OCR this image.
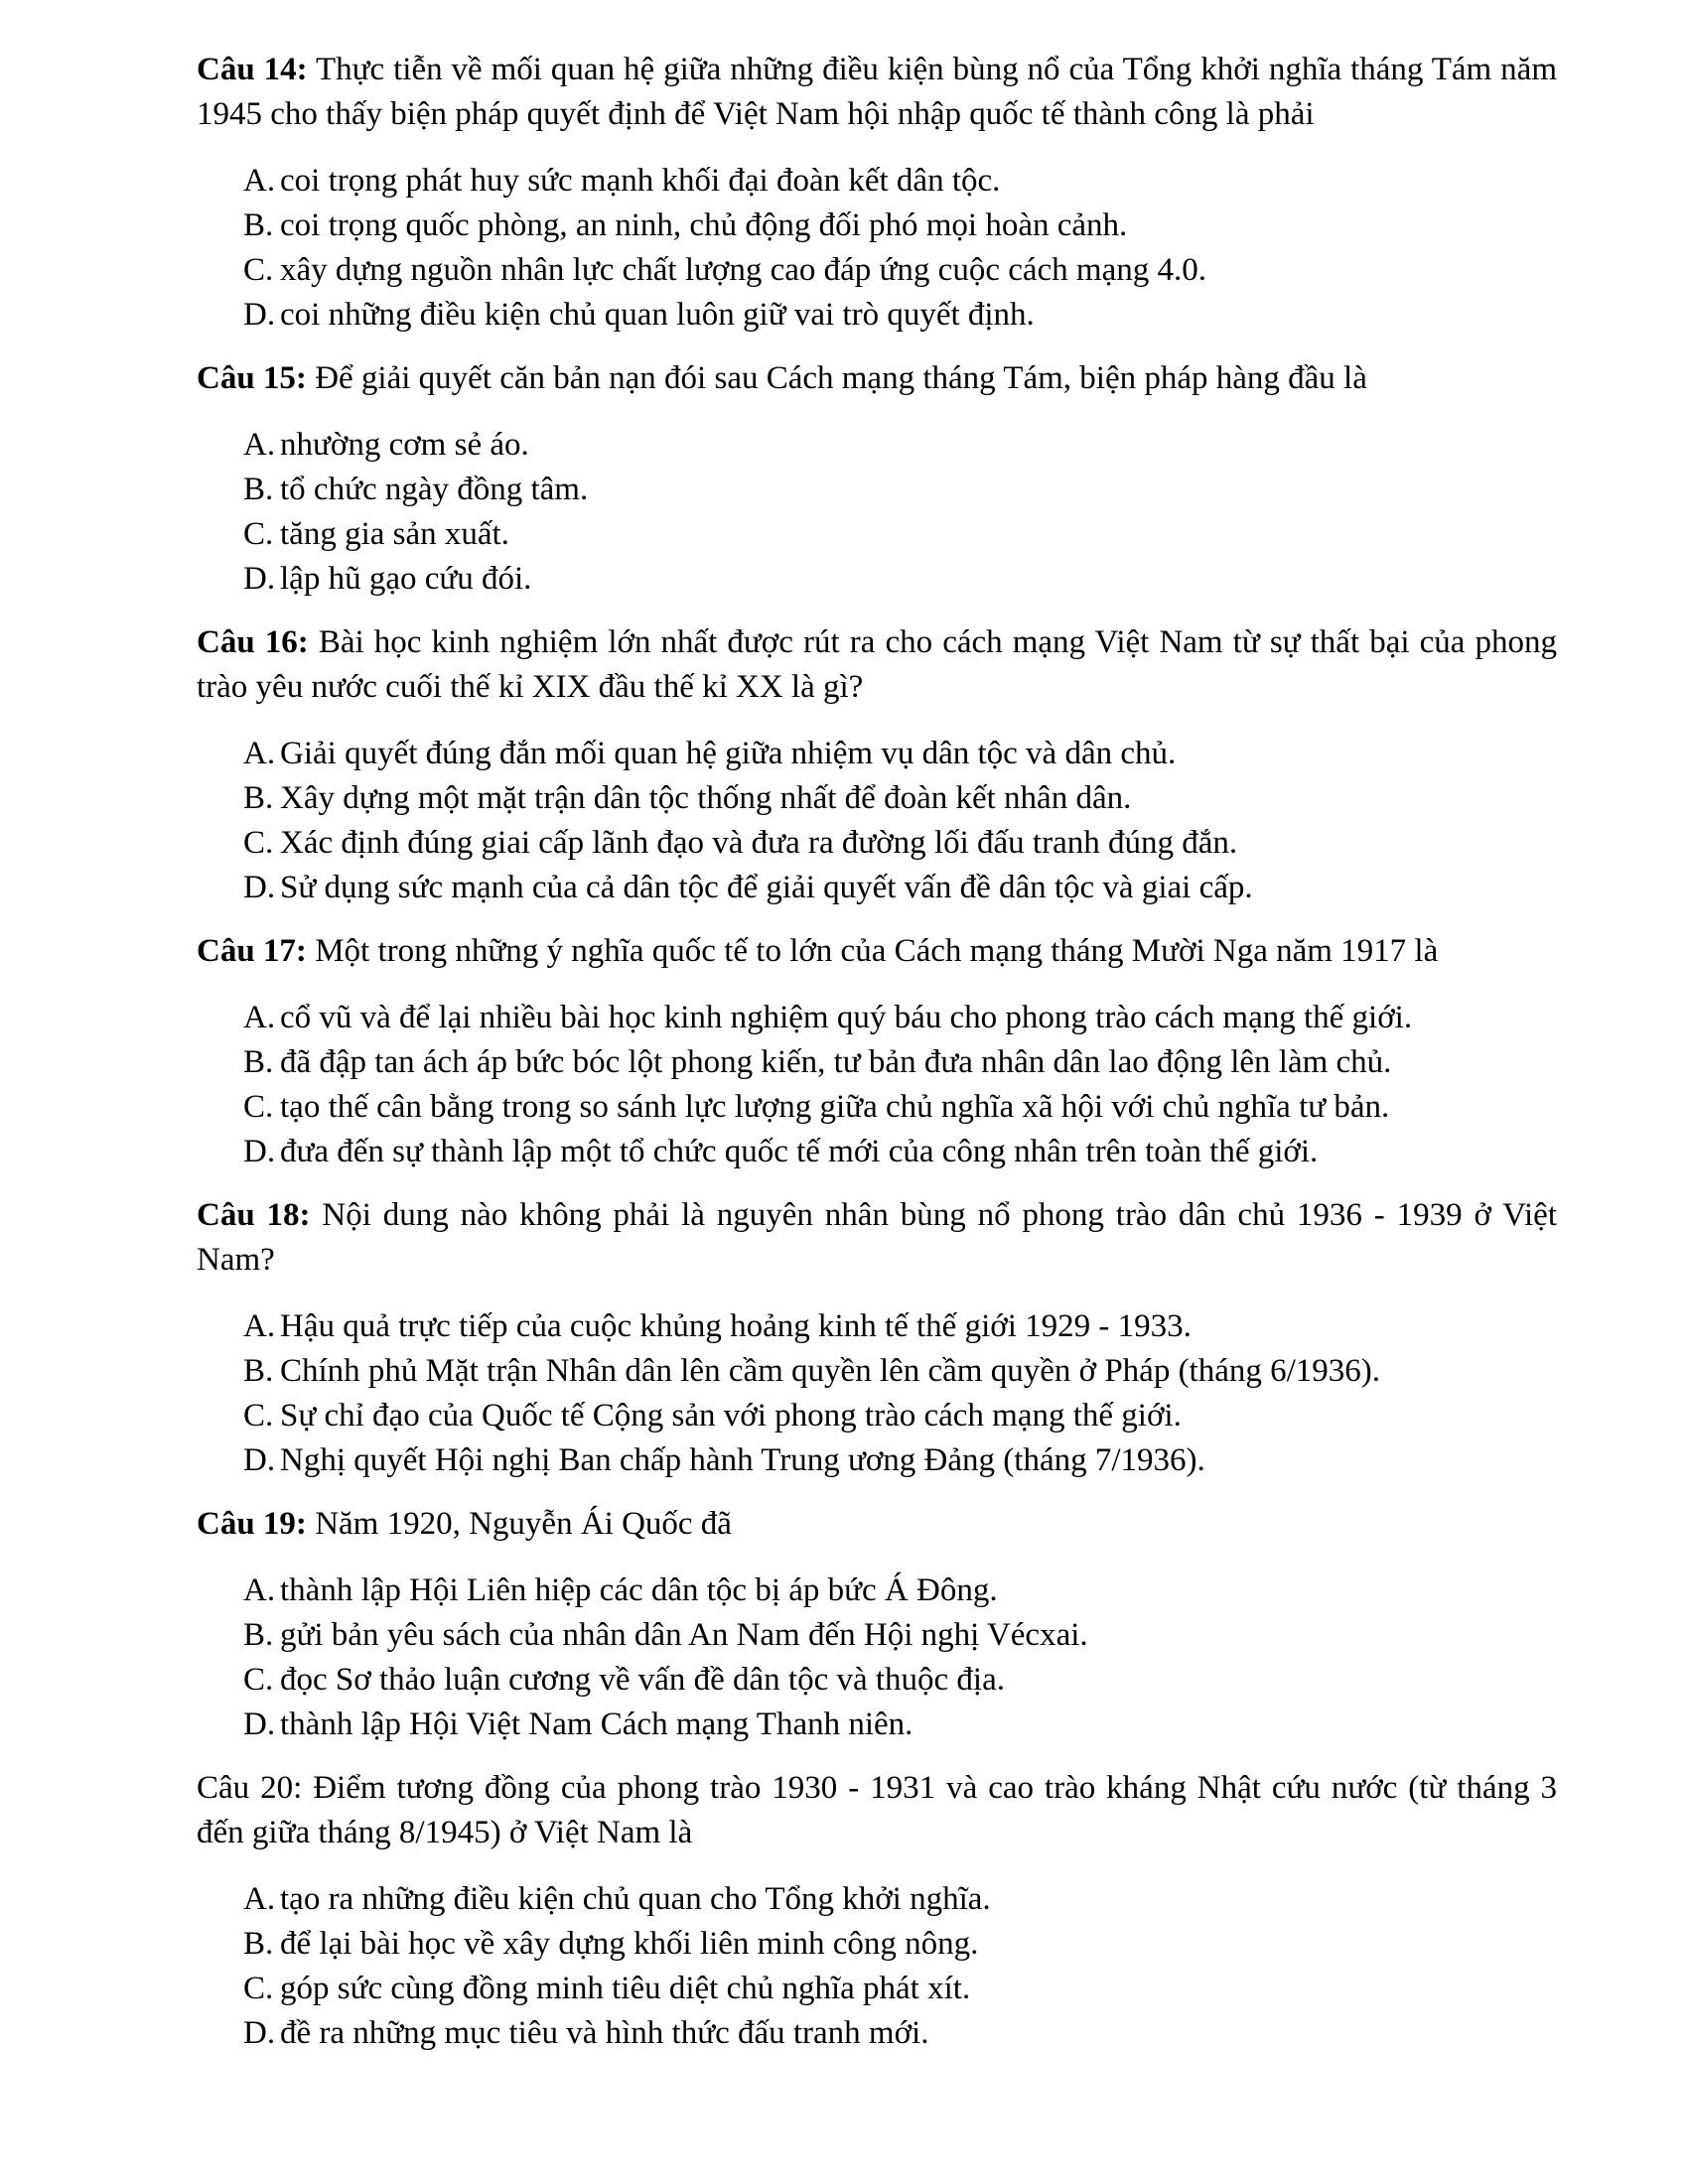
Câu 14: Thực tiễn về mối quan hệ giữa những điều kiện bùng nổ của Tổng khởi nghĩa tháng Tám năm 1945 cho thấy biện pháp quyết định để Việt Nam hội nhập quốc tế thành công là phải

A. coi trọng phát huy sức mạnh khối đại đoàn kết dân tộc.
B. coi trọng quốc phòng, an ninh, chủ động đối phó mọi hoàn cảnh.
C. xây dựng nguồn nhân lực chất lượng cao đáp ứng cuộc cách mạng 4.0.
D. coi những điều kiện chủ quan luôn giữ vai trò quyết định.

Câu 15: Để giải quyết căn bản nạn đói sau Cách mạng tháng Tám, biện pháp hàng đầu là

A. nhường cơm sẻ áo.
B. tổ chức ngày đồng tâm.
C. tăng gia sản xuất.
D. lập hũ gạo cứu đói.

Câu 16: Bài học kinh nghiệm lớn nhất được rút ra cho cách mạng Việt Nam từ sự thất bại của phong trào yêu nước cuối thế kỉ XIX đầu thế kỉ XX là gì?

A. Giải quyết đúng đắn mối quan hệ giữa nhiệm vụ dân tộc và dân chủ.
B. Xây dựng một mặt trận dân tộc thống nhất để đoàn kết nhân dân.
C. Xác định đúng giai cấp lãnh đạo và đưa ra đường lối đấu tranh đúng đắn.
D. Sử dụng sức mạnh của cả dân tộc để giải quyết vấn đề dân tộc và giai cấp.

Câu 17: Một trong những ý nghĩa quốc tế to lớn của Cách mạng tháng Mười Nga năm 1917 là

A. cổ vũ và để lại nhiều bài học kinh nghiệm quý báu cho phong trào cách mạng thế giới.
B. đã đập tan ách áp bức bóc lột phong kiến, tư bản đưa nhân dân lao động lên làm chủ.
C. tạo thế cân bằng trong so sánh lực lượng giữa chủ nghĩa xã hội với chủ nghĩa tư bản.
D. đưa đến sự thành lập một tổ chức quốc tế mới của công nhân trên toàn thế giới.

Câu 18: Nội dung nào không phải là nguyên nhân bùng nổ phong trào dân chủ 1936 - 1939 ở Việt Nam?

A. Hậu quả trực tiếp của cuộc khủng hoảng kinh tế thế giới 1929 - 1933.
B. Chính phủ Mặt trận Nhân dân lên cầm quyền lên cầm quyền ở Pháp (tháng 6/1936).
C. Sự chỉ đạo của Quốc tế Cộng sản với phong trào cách mạng thế giới.
D. Nghị quyết Hội nghị Ban chấp hành Trung ương Đảng (tháng 7/1936).

Câu 19: Năm 1920, Nguyễn Ái Quốc đã

A. thành lập Hội Liên hiệp các dân tộc bị áp bức Á Đông.
B. gửi bản yêu sách của nhân dân An Nam đến Hội nghị Vécxai.
C. đọc Sơ thảo luận cương về vấn đề dân tộc và thuộc địa.
D. thành lập Hội Việt Nam Cách mạng Thanh niên.

Câu 20: Điểm tương đồng của phong trào 1930 - 1931 và cao trào kháng Nhật cứu nước (từ tháng 3 đến giữa tháng 8/1945) ở Việt Nam là

A. tạo ra những điều kiện chủ quan cho Tổng khởi nghĩa.
B. để lại bài học về xây dựng khối liên minh công nông.
C. góp sức cùng đồng minh tiêu diệt chủ nghĩa phát xít.
D. đề ra những mục tiêu và hình thức đấu tranh mới.
